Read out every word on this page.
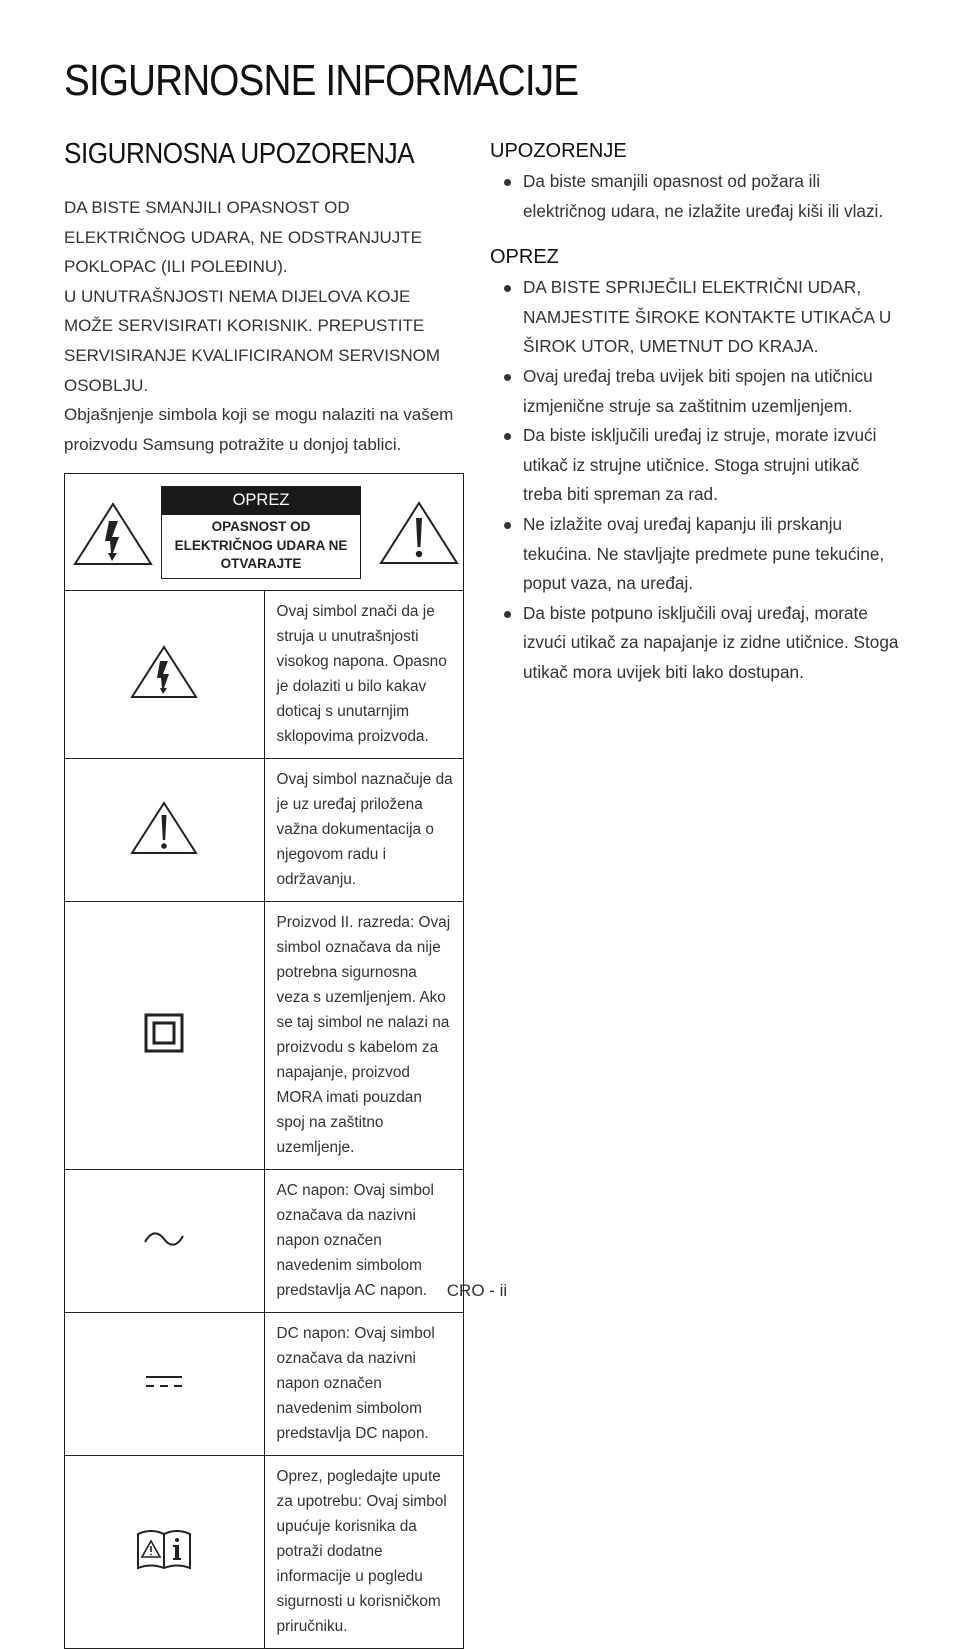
SIGURNOSNE INFORMACIJE
SIGURNOSNA UPOZORENJA

DA BISTE SMANJILI OPASNOST OD ELEKTRIČNOG UDARA, NE ODSTRANJUJTE POKLOPAC (ILI POLEĐINU).

U UNUTRAŠNJOSTI NEMA DIJELOVA KOJE MOŽE SERVISIRATI KORISNIK. PREPUSTITE SERVISIRANJE KVALIFICIRANOM SERVISNOM OSOBLJU.

Objašnjenje simbola koji se mogu nalaziti na vašem proizvodu Samsung potražite u donjoj tablici.

OPREZ
OPASNOST OD ELEKTRIČNOG UDARA NE OTVARAJTE	

	Ovaj simbol znači da je struja u unutrašnjosti visokog napona. Opasno je dolaziti u bilo kakav doticaj s unutarnjim sklopovima proizvoda.
	Ovaj simbol naznačuje da je uz uređaj priložena važna dokumentacija o njegovom radu i održavanju.
	Proizvod II. razreda: Ovaj simbol označava da nije potrebna sigurnosna veza s uzemljenjem. Ako se taj simbol ne nalazi na proizvodu s kabelom za napajanje, proizvod MORA imati pouzdan spoj na zaštitno uzemljenje.
	AC napon: Ovaj simbol označava da nazivni napon označen navedenim simbolom predstavlja AC napon.
	DC napon: Ovaj simbol označava da nazivni napon označen navedenim simbolom predstavlja DC napon.
	Oprez, pogledajte upute za upotrebu: Ovaj simbol upućuje korisnika da potraži dodatne informacije u pogledu sigurnosti u korisničkom priručniku.
UPOZORENJE
Da biste smanjili opasnost od požara ili električnog udara, ne izlažite uređaj kiši ili vlazi.
OPREZ
DA BISTE SPRIJEČILI ELEKTRIČNI UDAR, NAMJESTITE ŠIROKE KONTAKTE UTIKAČA U ŠIROK UTOR, UMETNUT DO KRAJA.
Ovaj uređaj treba uvijek biti spojen na utičnicu izmjenične struje sa zaštitnim uzemljenjem.
Da biste isključili uređaj iz struje, morate izvući utikač iz strujne utičnice. Stoga strujni utikač treba biti spreman za rad.
Ne izlažite ovaj uređaj kapanju ili prskanju tekućina. Ne stavljajte predmete pune tekućine, poput vaza, na uređaj.
Da biste potpuno isključili ovaj uređaj, morate izvući utikač za napajanje iz zidne utičnice. Stoga utikač mora uvijek biti lako dostupan.
CRO - ii
